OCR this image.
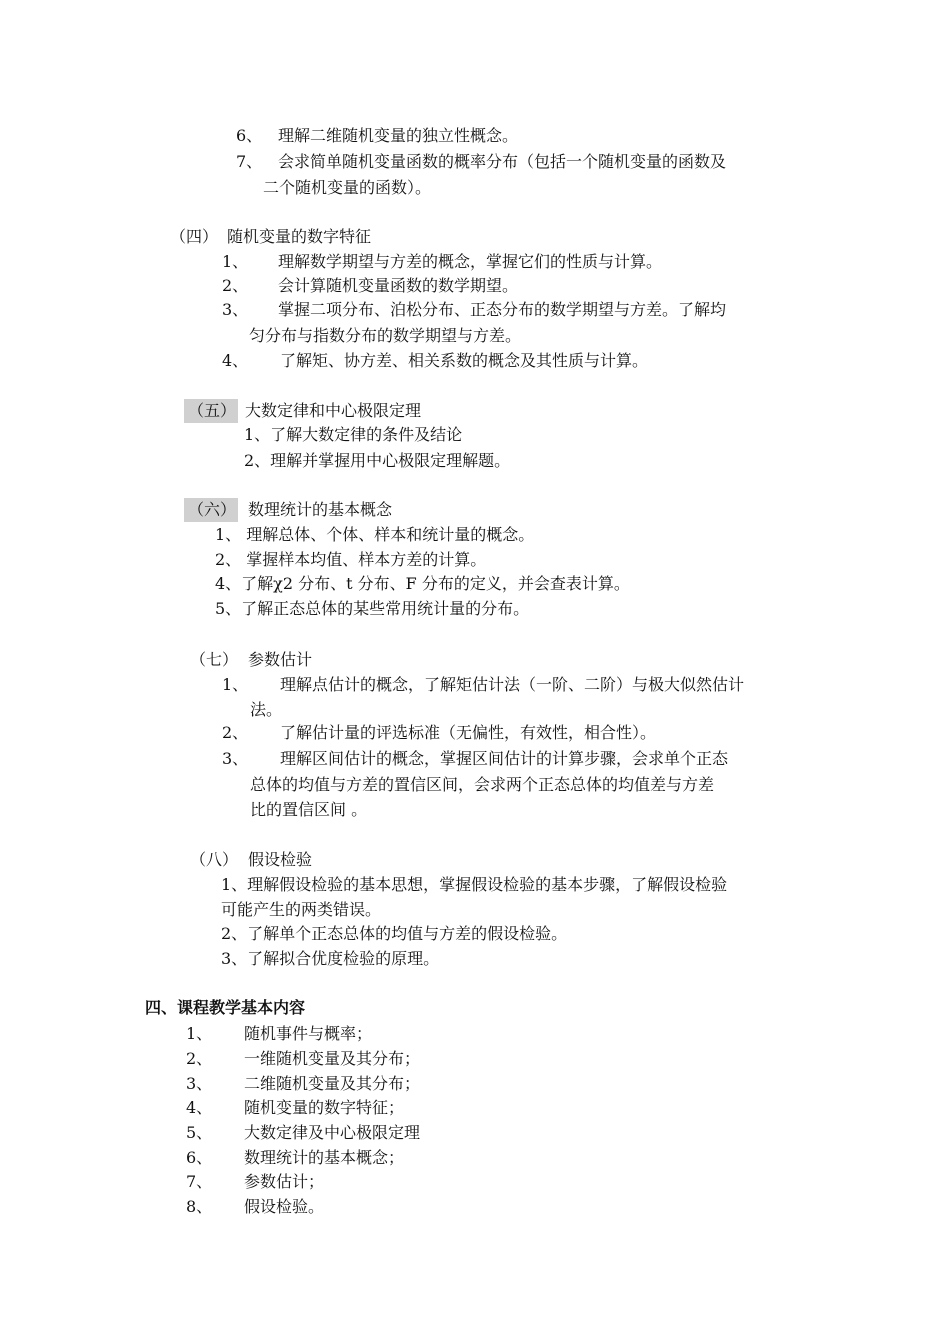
6、 理解二维随机变量的独立性概念。
7、 会求简单随机变量函数的概率分布（包括一个随机变量的函数及
二个随机变量的函数）。
（四） 随机变量的数字特征
1、 理解数学期望与方差的概念，掌握它们的性质与计算。
2、 会计算随机变量函数的数学期望。
3、 掌握二项分布、泊松分布、正态分布的数学期望与方差。了解均
匀分布与指数分布的数学期望与方差。
4、 了解矩、协方差、相关系数的概念及其性质与计算。
（五） 大数定律和中心极限定理
1、了解大数定律的条件及结论
2、理解并掌握用中心极限定理解题。
（六） 数理统计的基本概念
1、 理解总体、个体、样本和统计量的概念。
2、 掌握样本均值、样本方差的计算。
4、了解χ2 分布、t 分布、F 分布的定义，并会查表计算。
5、了解正态总体的某些常用统计量的分布。
（七） 参数估计
1、 理解点估计的概念，了解矩估计法（一阶、二阶）与极大似然估计
法。
2、 了解估计量的评选标准（无偏性，有效性，相合性）。
3、 理解区间估计的概念，掌握区间估计的计算步骤，会求单个正态
总体的均值与方差的置信区间，会求两个正态总体的均值差与方差
比的置信区间 。
（八） 假设检验
1、理解假设检验的基本思想，掌握假设检验的基本步骤，了解假设检验
可能产生的两类错误。
2、了解单个正态总体的均值与方差的假设检验。
3、了解拟合优度检验的原理。
四、课程教学基本内容
1、 随机事件与概率；
2、 一维随机变量及其分布；
3、 二维随机变量及其分布；
4、 随机变量的数字特征；
5、 大数定律及中心极限定理
6、 数理统计的基本概念；
7、 参数估计；
8、 假设检验。
